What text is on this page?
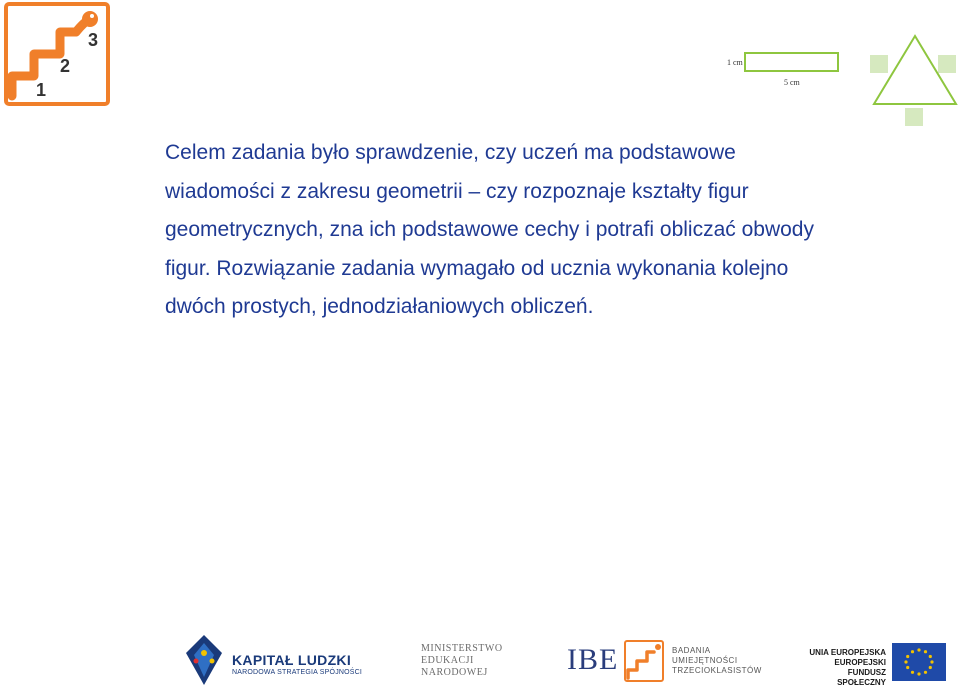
1
2
3
1 cm
5 cm
Celem zadania było sprawdzenie, czy uczeń ma podstawowe
wiadomości z zakresu geometrii – czy rozpoznaje kształty figur
geometrycznych, zna ich podstawowe cechy i potrafi obliczać obwody
figur. Rozwiązanie zadania wymagało od ucznia wykonania kolejno
dwóch prostych, jednodziałaniowych obliczeń.
KAPITAŁ LUDZKI
NARODOWA STRATEGIA SPÓJNOŚCI
MINISTERSTWO
EDUKACJI
NARODOWEJ	IBE	BADANIA
UMIEJĘTNOŚCI
TRZECIOKLASISTÓW
UNIA EUROPEJSKA
EUROPEJSKI
FUNDUSZ SPOŁECZNY
